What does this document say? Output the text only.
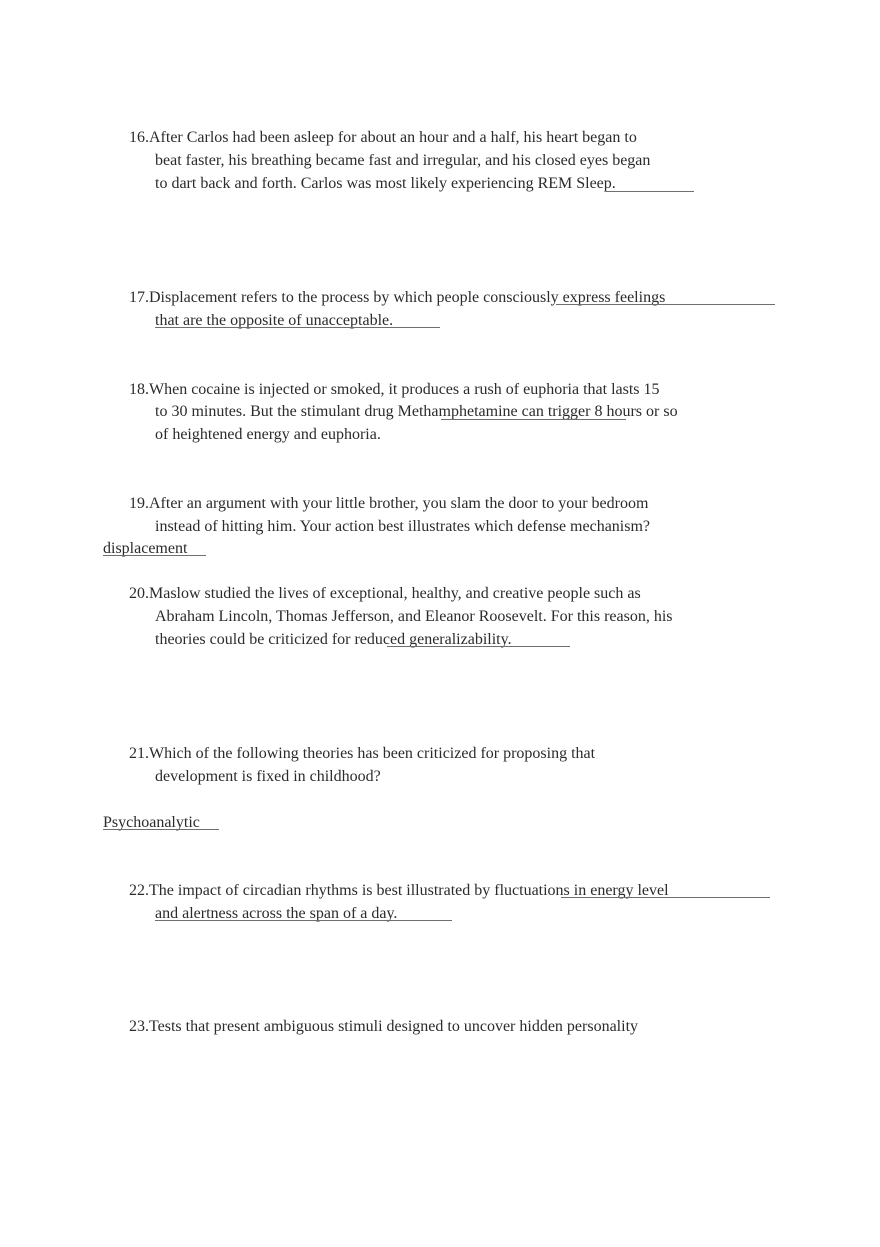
16.After Carlos had been asleep for about an hour and a half, his heart began to
beat faster, his breathing became fast and irregular, and his closed eyes began
to dart back and forth. Carlos was most likely experiencing REM Sleep.
17.Displacement refers to the process by which people consciously express feelings
that are the opposite of unacceptable.
18.When cocaine is injected or smoked, it produces a rush of euphoria that lasts 15
to 30 minutes. But the stimulant drug Methamphetamine can trigger 8 hours or so
of heightened energy and euphoria.
19.After an argument with your little brother, you slam the door to your bedroom
instead of hitting him. Your action best illustrates which defense mechanism?
displacement
20.Maslow studied the lives of exceptional, healthy, and creative people such as
Abraham Lincoln, Thomas Jefferson, and Eleanor Roosevelt. For this reason, his
theories could be criticized for reduced generalizability.
21.Which of the following theories has been criticized for proposing that
development is fixed in childhood?
Psychoanalytic
22.The impact of circadian rhythms is best illustrated by fluctuations in energy level
and alertness across the span of a day.
23.Tests that present ambiguous stimuli designed to uncover hidden personality
